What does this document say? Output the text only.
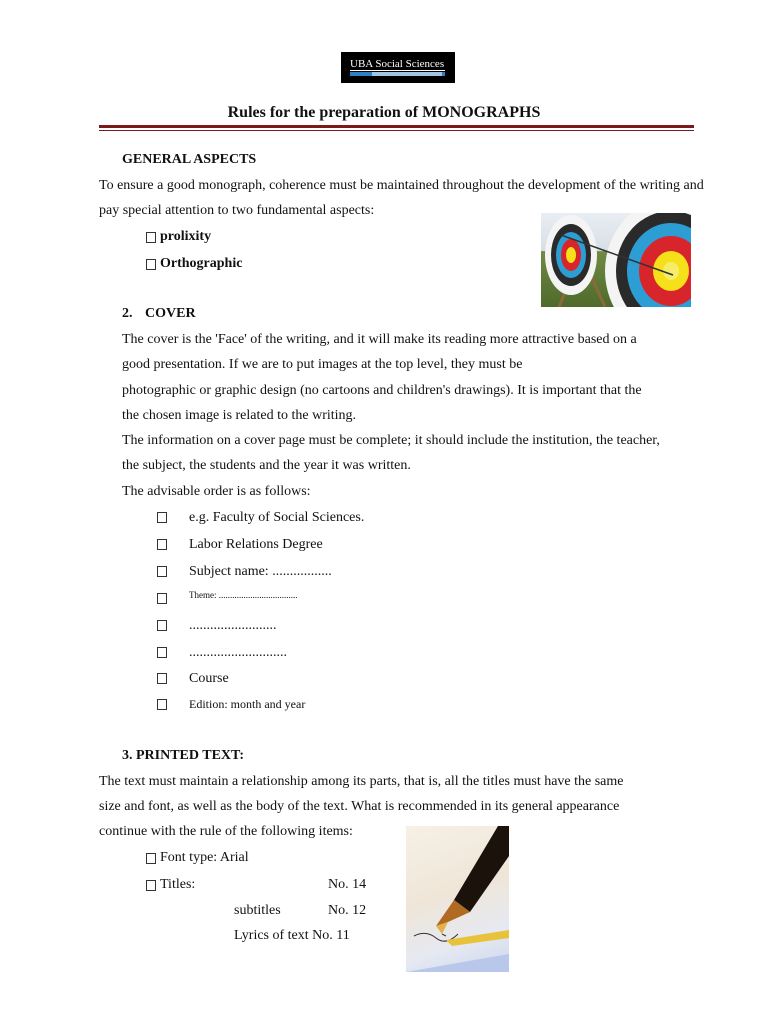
UBA Social Sciences
Rules for the preparation of MONOGRAPHS
GENERAL ASPECTS
To ensure a good monograph, coherence must be maintained throughout the development of the writing and
pay special attention to two fundamental aspects:
prolixity
Orthographic
2. COVER
The cover is the 'Face' of the writing, and it will make its reading more attractive based on a
good presentation. If we are to put images at the top level, they must be
photographic or graphic design (no cartoons and children's drawings). It is important that the
the chosen image is related to the writing.
The information on a cover page must be complete; it should include the institution, the teacher,
the subject, the students and the year it was written.
The advisable order is as follows:
e.g. Faculty of Social Sciences.
Labor Relations Degree
Subject name: .................
Theme: ...................................
.........................
............................
Course
Edition: month and year
3. PRINTED TEXT:
The text must maintain a relationship among its parts, that is, all the titles must have the same
size and font, as well as the body of the text. What is recommended in its general appearance
continue with the rule of the following items:
Font type: Arial
Titles:	No. 14
subtitles	No. 12
Lyrics of text No. 11
